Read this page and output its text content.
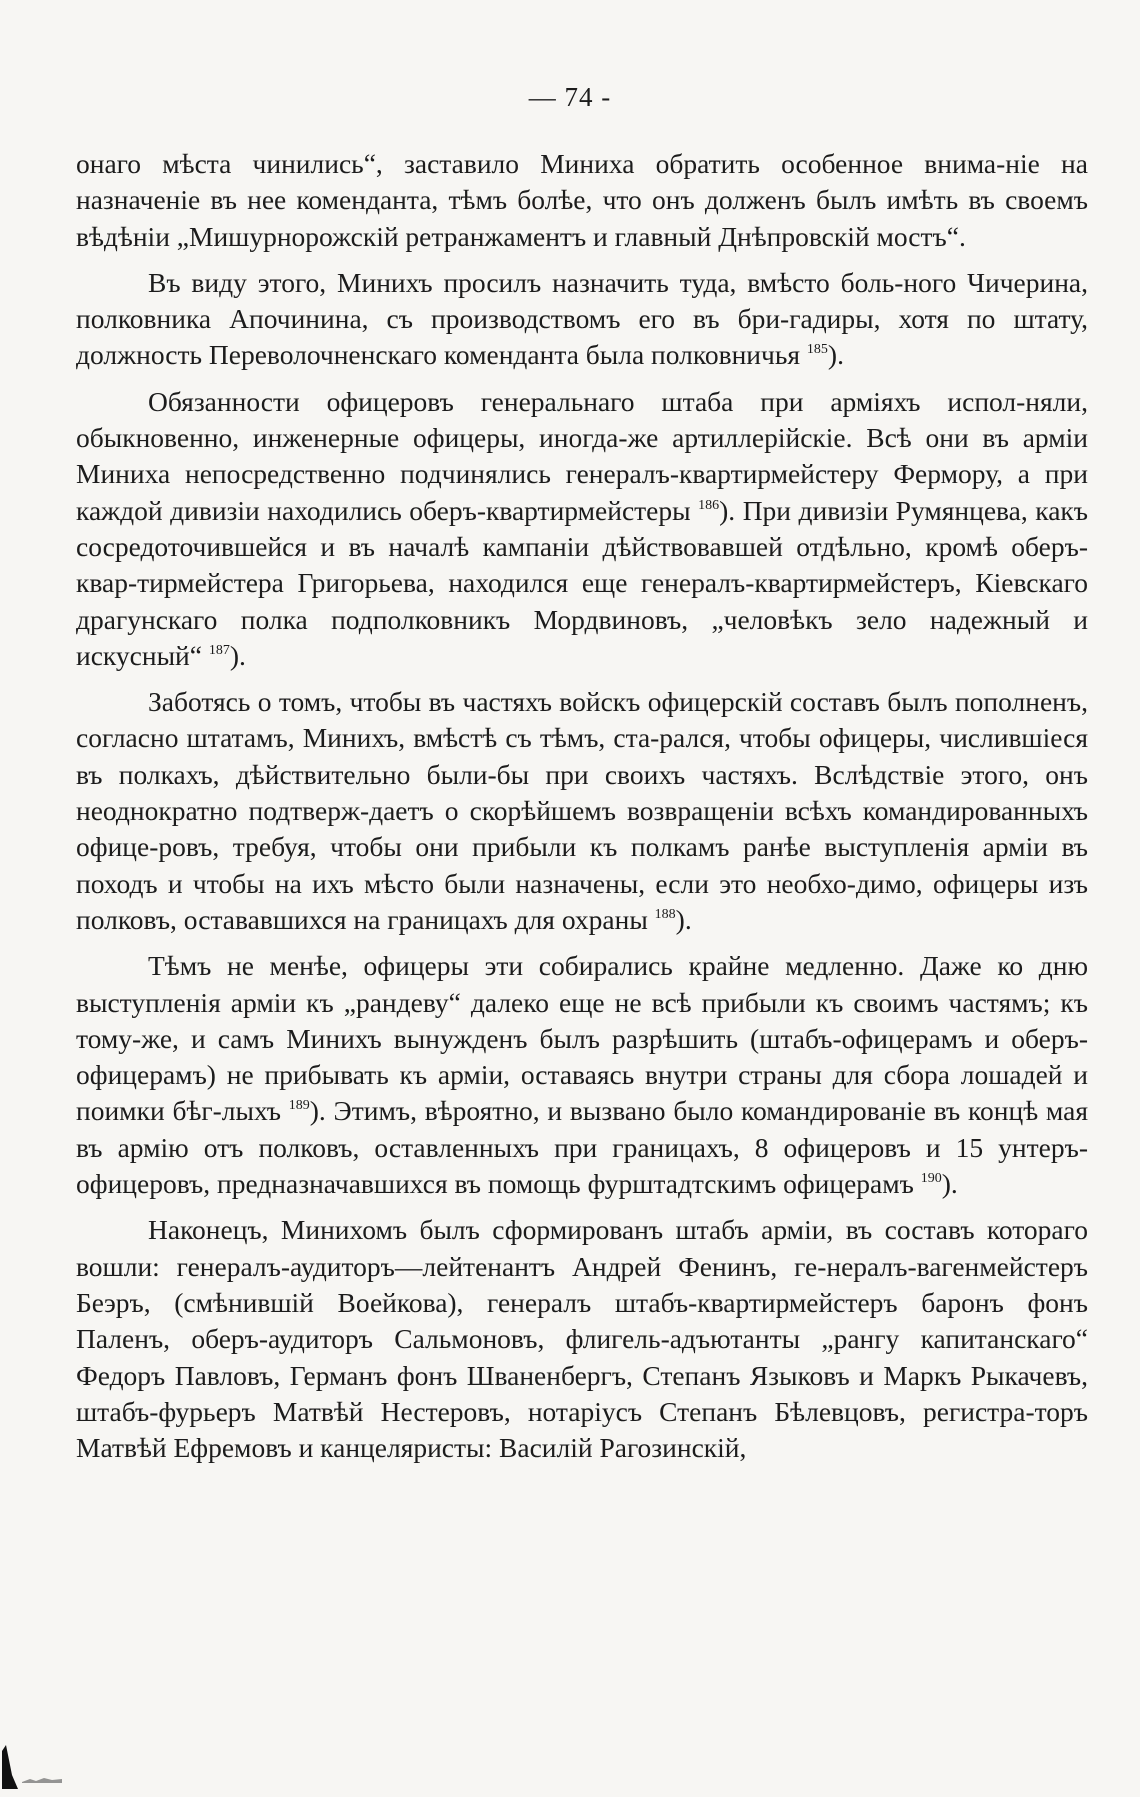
— 74 -

онаго мѣста чинились“, заставило Миниха обратить особенное внима-ніе на назначеніе въ нее коменданта, тѣмъ болѣе, что онъ долженъ былъ имѣть въ своемъ вѣдѣніи „Мишурнорожскій ретранжаментъ и главный Днѣпровскій мостъ“.

Въ виду этого, Минихъ просилъ назначить туда, вмѣсто боль-ного Чичерина, полковника Апочинина, съ производствомъ его въ бри-гадиры, хотя по штату, должность Переволочненскаго коменданта была полковничья $^{185}$).

Обязанности офицеровъ генеральнаго штаба при арміяхъ испол-няли, обыкновенно, инженерные офицеры, иногда-же артиллерійскіе. Всѣ они въ арміи Миниха непосредственно подчинялись генералъ-квартирмейстеру Фермору, а при каждой дивизіи находились оберъ-квартирмейстеры $^{186}$). При дивизіи Румянцева, какъ сосредоточившейся и въ началѣ кампаніи дѣйствовавшей отдѣльно, кромѣ оберъ-квар-тирмейстера Григорьева, находился еще генералъ-квартирмейстеръ, Кіевскаго драгунскаго полка подполковникъ Мордвиновъ, „человѣкъ зело надежный и искусный“ $^{187}$).

Заботясь о томъ, чтобы въ частяхъ войскъ офицерскій составъ былъ пополненъ, согласно штатамъ, Минихъ, вмѣстѣ съ тѣмъ, ста-рался, чтобы офицеры, числившіеся въ полкахъ, дѣйствительно были-бы при своихъ частяхъ. Вслѣдствіе этого, онъ неоднократно подтверж-даетъ о скорѣйшемъ возвращеніи всѣхъ командированныхъ офице-ровъ, требуя, чтобы они прибыли къ полкамъ ранѣе выступленія арміи въ походъ и чтобы на ихъ мѣсто были назначены, если это необхо-димо, офицеры изъ полковъ, остававшихся на границахъ для охраны $^{188}$).

Тѣмъ не менѣе, офицеры эти собирались крайне медленно. Даже ко дню выступленія арміи къ „рандеву“ далеко еще не всѣ прибыли къ своимъ частямъ; къ тому-же, и самъ Минихъ вынужденъ былъ разрѣшить (штабъ-офицерамъ и оберъ-офицерамъ) не прибывать къ арміи, оставаясь внутри страны для сбора лошадей и поимки бѣг-лыхъ $^{189}$). Этимъ, вѣроятно, и вызвано было командированіе въ концѣ мая въ армію отъ полковъ, оставленныхъ при границахъ, 8 офицеровъ и 15 унтеръ-офицеровъ, предназначавшихся въ помощь фурштадтскимъ офицерамъ $^{190}$).

Наконецъ, Минихомъ былъ сформированъ штабъ арміи, въ составъ котораго вошли: генералъ-аудиторъ—лейтенантъ Андрей Фенинъ, ге-нералъ-вагенмейстеръ Беэръ, (смѣнившій Воейкова), генералъ штабъ-квартирмейстеръ баронъ фонъ Паленъ, оберъ-аудиторъ Сальмоновъ, флигель-адъютанты „рангу капитанскаго“ Федоръ Павловъ, Германъ фонъ Шваненбергъ, Степанъ Языковъ и Маркъ Рыкачевъ, штабъ-фурьеръ Матвѣй Нестеровъ, нотаріусъ Степанъ Бѣлевцовъ, регистра-торъ Матвѣй Ефремовъ и канцеляристы: Василій Рагозинскій,
